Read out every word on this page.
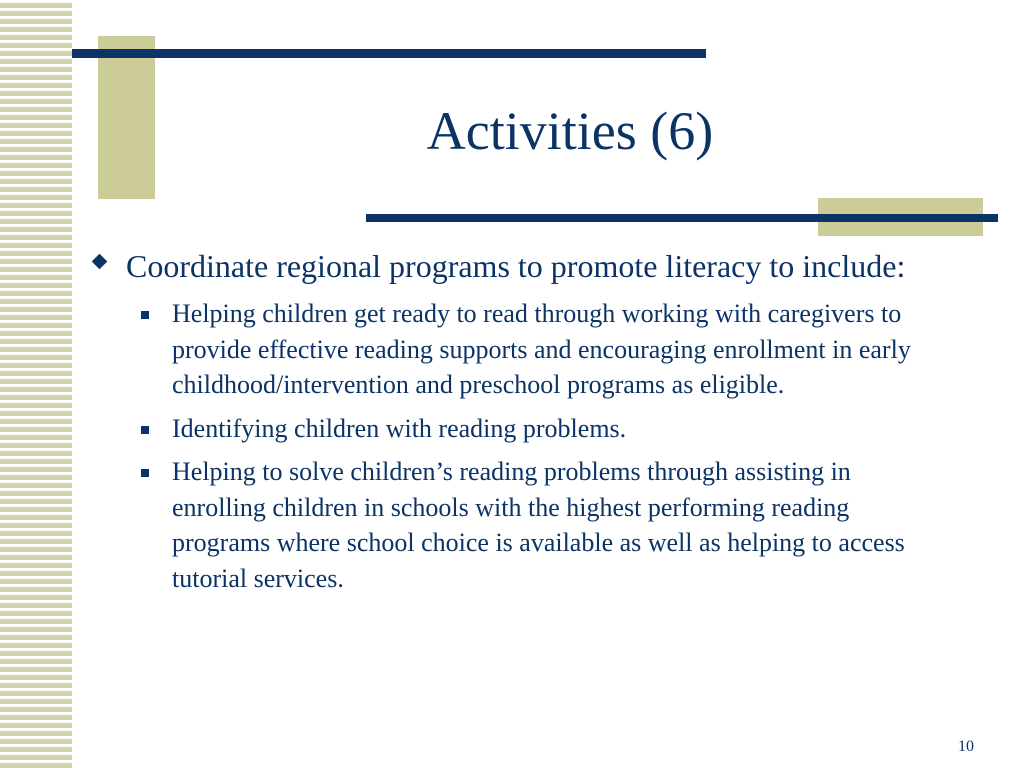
Activities (6)
Coordinate regional programs to promote literacy to include:
Helping children get ready to read through working with caregivers to provide effective reading supports and encouraging enrollment in early childhood/intervention and preschool programs as eligible.
Identifying children with reading problems.
Helping to solve children’s reading problems through assisting in enrolling children in schools with the highest performing reading programs where school choice is available as well as helping to access tutorial services.
10
